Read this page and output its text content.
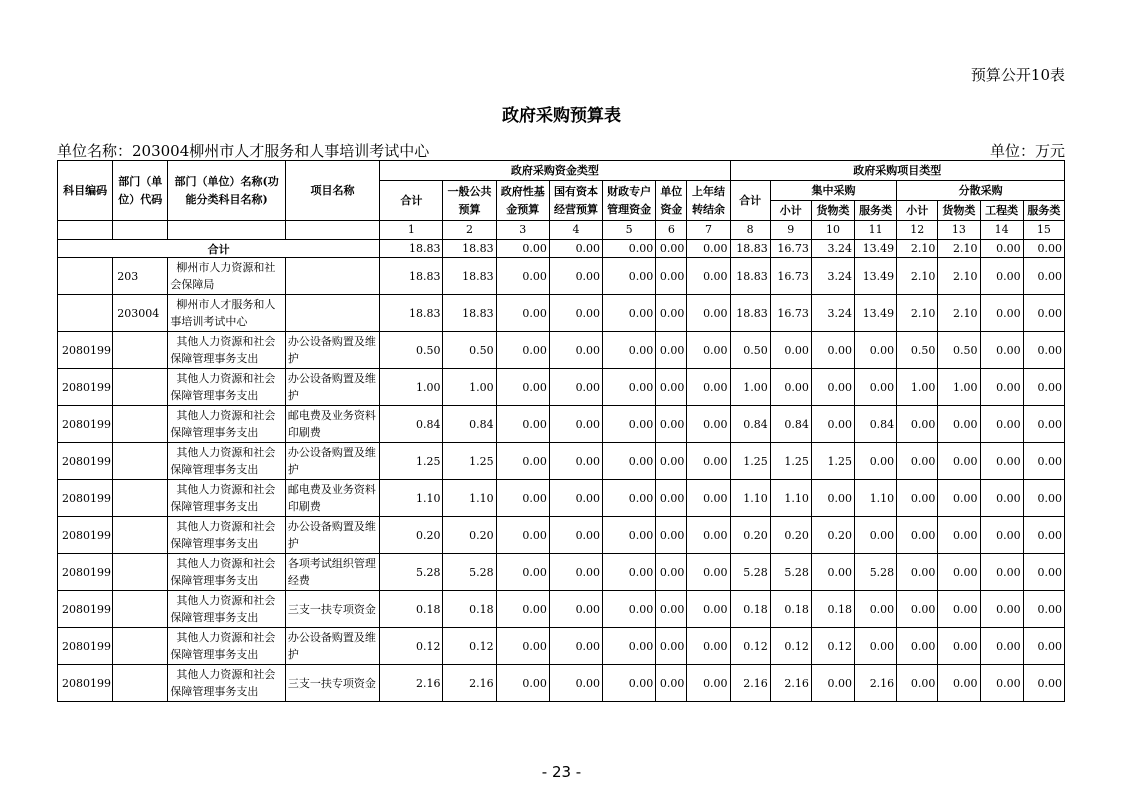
预算公开10表
政府采购预算表
单位名称：203004柳州市人才服务和人事培训考试中心	单位：万元
科目编码	部门（单位）代码	部门（单位）名称(功能分类科目名称)	项目名称	政府采购资金类型							政府采购项目类型							
				合计	一般公共预算	政府性基金预算	国有资本经营预算	财政专户管理资金	单位资金	上年结转结余	合计	集中采购			分散采购			
												小计	货物类	服务类	小计	货物类	工程类	服务类
				1	2	3	4	5	6	7	8	9	10	11	12	13	14	15
合计				18.83	18.83	0.00	0.00	0.00	0.00	0.00	18.83	16.73	3.24	13.49	2.10	2.10	0.00	0.00
	203	柳州市人力资源和社会保障局		18.83	18.83	0.00	0.00	0.00	0.00	0.00	18.83	16.73	3.24	13.49	2.10	2.10	0.00	0.00
	203004	柳州市人才服务和人事培训考试中心		18.83	18.83	0.00	0.00	0.00	0.00	0.00	18.83	16.73	3.24	13.49	2.10	2.10	0.00	0.00
2080199		其他人力资源和社会保障管理事务支出	办公设备购置及维护	0.50	0.50	0.00	0.00	0.00	0.00	0.00	0.50	0.00	0.00	0.00	0.50	0.50	0.00	0.00
2080199		其他人力资源和社会保障管理事务支出	办公设备购置及维护	1.00	1.00	0.00	0.00	0.00	0.00	0.00	1.00	0.00	0.00	0.00	1.00	1.00	0.00	0.00
2080199		其他人力资源和社会保障管理事务支出	邮电费及业务资料印刷费	0.84	0.84	0.00	0.00	0.00	0.00	0.00	0.84	0.84	0.00	0.84	0.00	0.00	0.00	0.00
2080199		其他人力资源和社会保障管理事务支出	办公设备购置及维护	1.25	1.25	0.00	0.00	0.00	0.00	0.00	1.25	1.25	1.25	0.00	0.00	0.00	0.00	0.00
2080199		其他人力资源和社会保障管理事务支出	邮电费及业务资料印刷费	1.10	1.10	0.00	0.00	0.00	0.00	0.00	1.10	1.10	0.00	1.10	0.00	0.00	0.00	0.00
2080199		其他人力资源和社会保障管理事务支出	办公设备购置及维护	0.20	0.20	0.00	0.00	0.00	0.00	0.00	0.20	0.20	0.20	0.00	0.00	0.00	0.00	0.00
2080199		其他人力资源和社会保障管理事务支出	各项考试组织管理经费	5.28	5.28	0.00	0.00	0.00	0.00	0.00	5.28	5.28	0.00	5.28	0.00	0.00	0.00	0.00
2080199		其他人力资源和社会保障管理事务支出	三支一扶专项资金	0.18	0.18	0.00	0.00	0.00	0.00	0.00	0.18	0.18	0.18	0.00	0.00	0.00	0.00	0.00
2080199		其他人力资源和社会保障管理事务支出	办公设备购置及维护	0.12	0.12	0.00	0.00	0.00	0.00	0.00	0.12	0.12	0.12	0.00	0.00	0.00	0.00	0.00
2080199		其他人力资源和社会保障管理事务支出	三支一扶专项资金	2.16	2.16	0.00	0.00	0.00	0.00	0.00	2.16	2.16	0.00	2.16	0.00	0.00	0.00	0.00
- 23 -
